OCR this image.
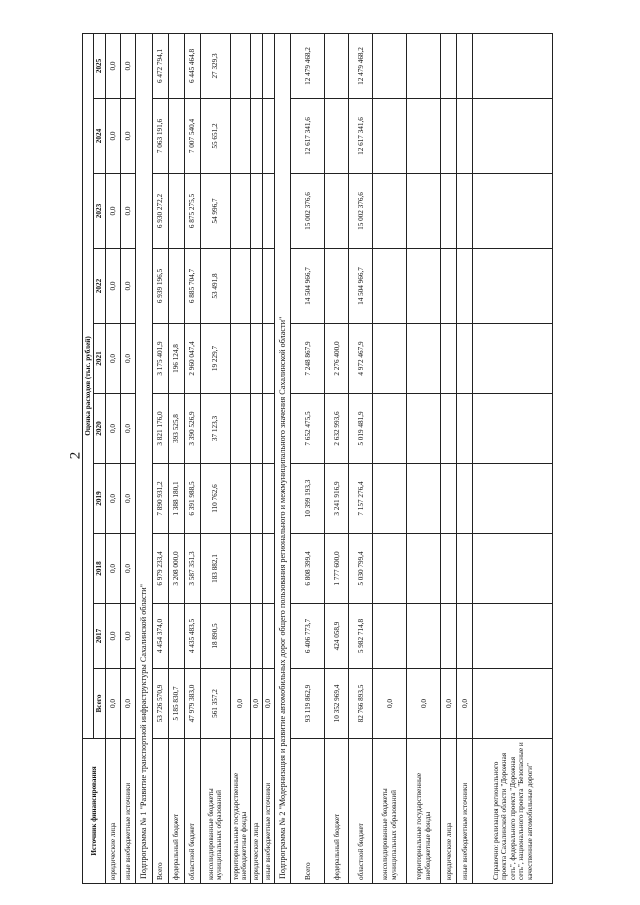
2
Источник финансирования	Оценка расходов (тыс. рублей)									
	Всего	2017	2018	2019	2020	2021	2022	2023	2024	2025
юридические лица	0,0	0,0	0,0	0,0	0,0	0,0	0,0	0,0	0,0	0,0
иные внебюджетные источники	0,0	0,0	0,0	0,0	0,0	0,0	0,0	0,0	0,0	0,0
Подпрограмма № 1 "Развитие транспортной инфраструктуры Сахалинской области"										
Всего	53 726 570,9	4 454 374,0	6 979 233,4	7 890 931,2	3 821 176,0	3 175 401,9	6 939 196,5	6 930 272,2	7 063 191,6	6 472 794,1
федеральный бюджет	5 185 830,7		3 208 000,0	1 388 180,1	393 525,8	196 124,8				
областной бюджет	47 979 383,0	4 435 483,5	3 587 351,3	6 391 988,5	3 390 526,9	2 960 047,4	6 885 704,7	6 875 275,5	7 007 540,4	6 445 464,8
консолидированные бюджеты муниципальных образований	561 357,2	18 890,5	183 882,1	110 762,6	37 123,3	19 229,7	53 491,8	54 996,7	55 651,2	27 329,3
территориальные государственные внебюджетные фонды	0,0									
юридические лица	0,0									
иные внебюджетные источники	0,0									
Подпрограмма № 2 "Модернизация и развитие автомобильных дорог общего пользования регионального и межмуниципального значения Сахалинской области"										
Всего	93 119 862,9	6 406 773,7	6 808 399,4	10 399 193,3	7 652 475,5	7 248 867,9	14 504 966,7	15 002 376,6	12 617 341,6	12 479 468,2
федеральный бюджет	10 352 969,4	424 058,9	1 777 600,0	3 241 916,9	2 632 993,6	2 276 400,0				
областной бюджет	82 766 893,5	5 982 714,8	5 030 799,4	7 157 276,4	5 019 481,9	4 972 467,9	14 504 966,7	15 002 376,6	12 617 341,6	12 479 468,2
консолидированные бюджеты муниципальных образований	0,0									
территориальные государственные внебюджетные фонды	0,0									
юридические лица	0,0									
иные внебюджетные источники	0,0									
Справочно: реализация регионального проекта Сахалинской области "Дорожная сеть", федерального проекта "Дорожная сеть", национального проекта "Безопасные и качественные автомобильные дороги"										
